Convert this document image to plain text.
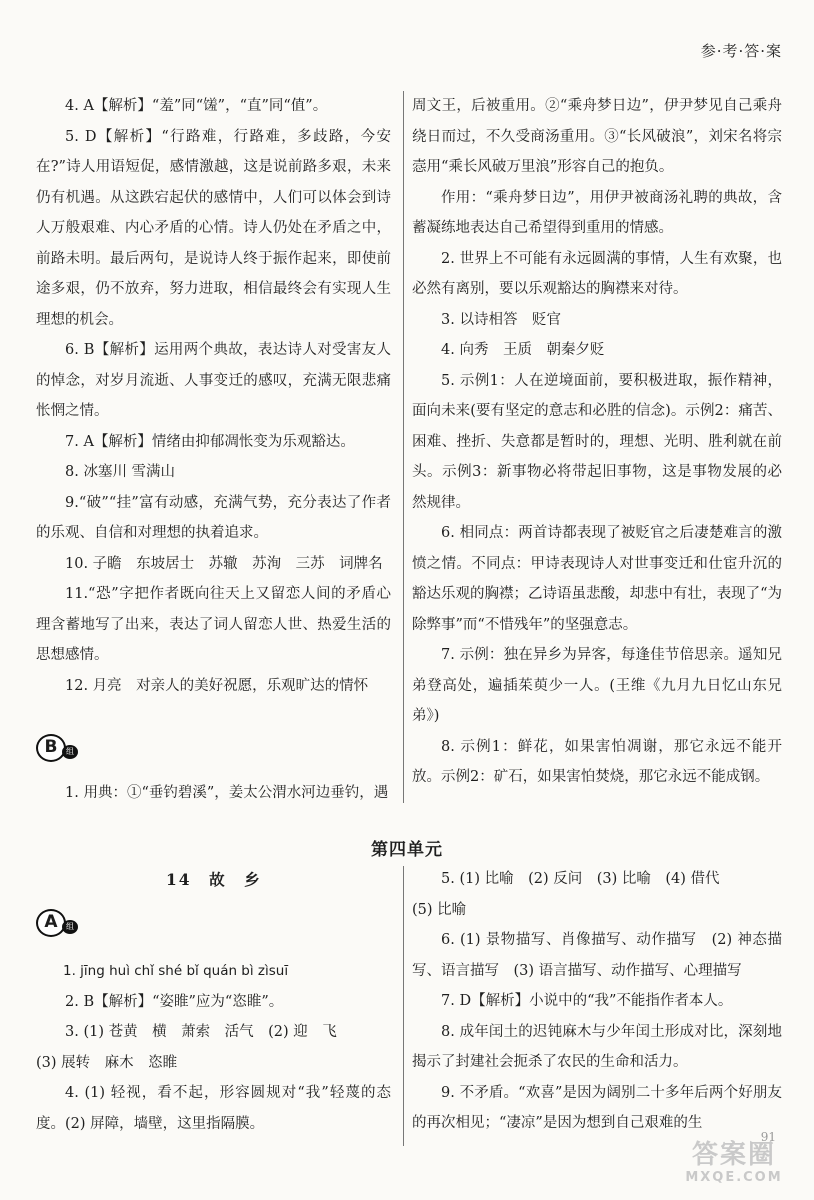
参·考·答·案

4. A【解析】“羞”同“馐”，“直”同“值”。

5. D【解析】“行路难，行路难，多歧路，今安在?”诗人用语短促，感情激越，这是说前路多艰，未来仍有机遇。从这跌宕起伏的感情中，人们可以体会到诗人万般艰难、内心矛盾的心情。诗人仍处在矛盾之中，前路未明。最后两句，是说诗人终于振作起来，即使前途多艰，仍不放弃，努力进取，相信最终会有实现人生理想的机会。

6. B【解析】运用两个典故，表达诗人对受害友人的悼念，对岁月流逝、人事变迁的感叹，充满无限悲痛怅惘之情。

7. A【解析】情绪由抑郁凋怅变为乐观豁达。

8. 冰塞川 雪满山

9.“破”“挂”富有动感，充满气势，充分表达了作者的乐观、自信和对理想的执着追求。

10. 子瞻　东坡居士　苏辙　苏洵　三苏　词牌名

11.“恐”字把作者既向往天上又留恋人间的矛盾心理含蓄地写了出来，表达了词人留恋人世、热爱生活的思想感情。

12. 月亮　对亲人的美好祝愿，乐观旷达的情怀

周文王，后被重用。②“乘舟梦日边”，伊尹梦见自己乘舟绕日而过，不久受商汤重用。③“长风破浪”，刘宋名将宗悫用“乘长风破万里浪”形容自己的抱负。

作用：“乘舟梦日边”，用伊尹被商汤礼聘的典故，含蓄凝练地表达自己希望得到重用的情感。

2. 世界上不可能有永远圆满的事情，人生有欢聚，也必然有离别，要以乐观豁达的胸襟来对待。

3. 以诗相答　贬官

4. 向秀　王质　朝秦夕贬

5. 示例1：人在逆境面前，要积极进取，振作精神，面向未来(要有坚定的意志和必胜的信念)。示例2：痛苦、困难、挫折、失意都是暂时的，理想、光明、胜利就在前头。示例3：新事物必将带起旧事物，这是事物发展的必然规律。

6. 相同点：两首诗都表现了被贬官之后凄楚难言的激愤之情。不同点：甲诗表现诗人对世事变迁和仕宦升沉的豁达乐观的胸襟；乙诗语虽悲酸，却悲中有壮，表现了“为除弊事”而“不惜残年”的坚强意志。

7. 示例：独在异乡为异客，每逢佳节倍思亲。遥知兄弟登高处，遍插茱萸少一人。(王维《九月九日忆山东兄弟》)

8. 示例1：鲜花，如果害怕凋谢，那它永远不能开放。示例2：矿石，如果害怕焚烧，那它永远不能成钢。

B	组

1. 用典：①“垂钓碧溪”，姜太公渭水河边垂钓，遇

第四单元
14　故　乡
A	组

1. jīng huì chǐ shé bǐ quán bì zìsuī

2. B【解析】“姿睢”应为“恣睢”。

3. (1) 苍黄　横　萧索　活气　(2) 迎　飞

(3) 展转　麻木　恣睢

4. (1) 轻视，看不起，形容圆规对“我”轻蔑的态度。(2) 屏障，墙壁，这里指隔膜。

5. (1) 比喻　(2) 反问　(3) 比喻　(4) 借代

(5) 比喻

6. (1) 景物描写、肖像描写、动作描写　(2) 神态描写、语言描写　(3) 语言描写、动作描写、心理描写

7. D【解析】小说中的“我”不能指作者本人。

8. 成年闰土的迟钝麻木与少年闰土形成对比，深刻地揭示了封建社会扼杀了农民的生命和活力。

9. 不矛盾。“欢喜”是因为阔别二十多年后两个好朋友的再次相见；“凄凉”是因为想到自己艰难的生

91
答案圈
MXQE.COM
